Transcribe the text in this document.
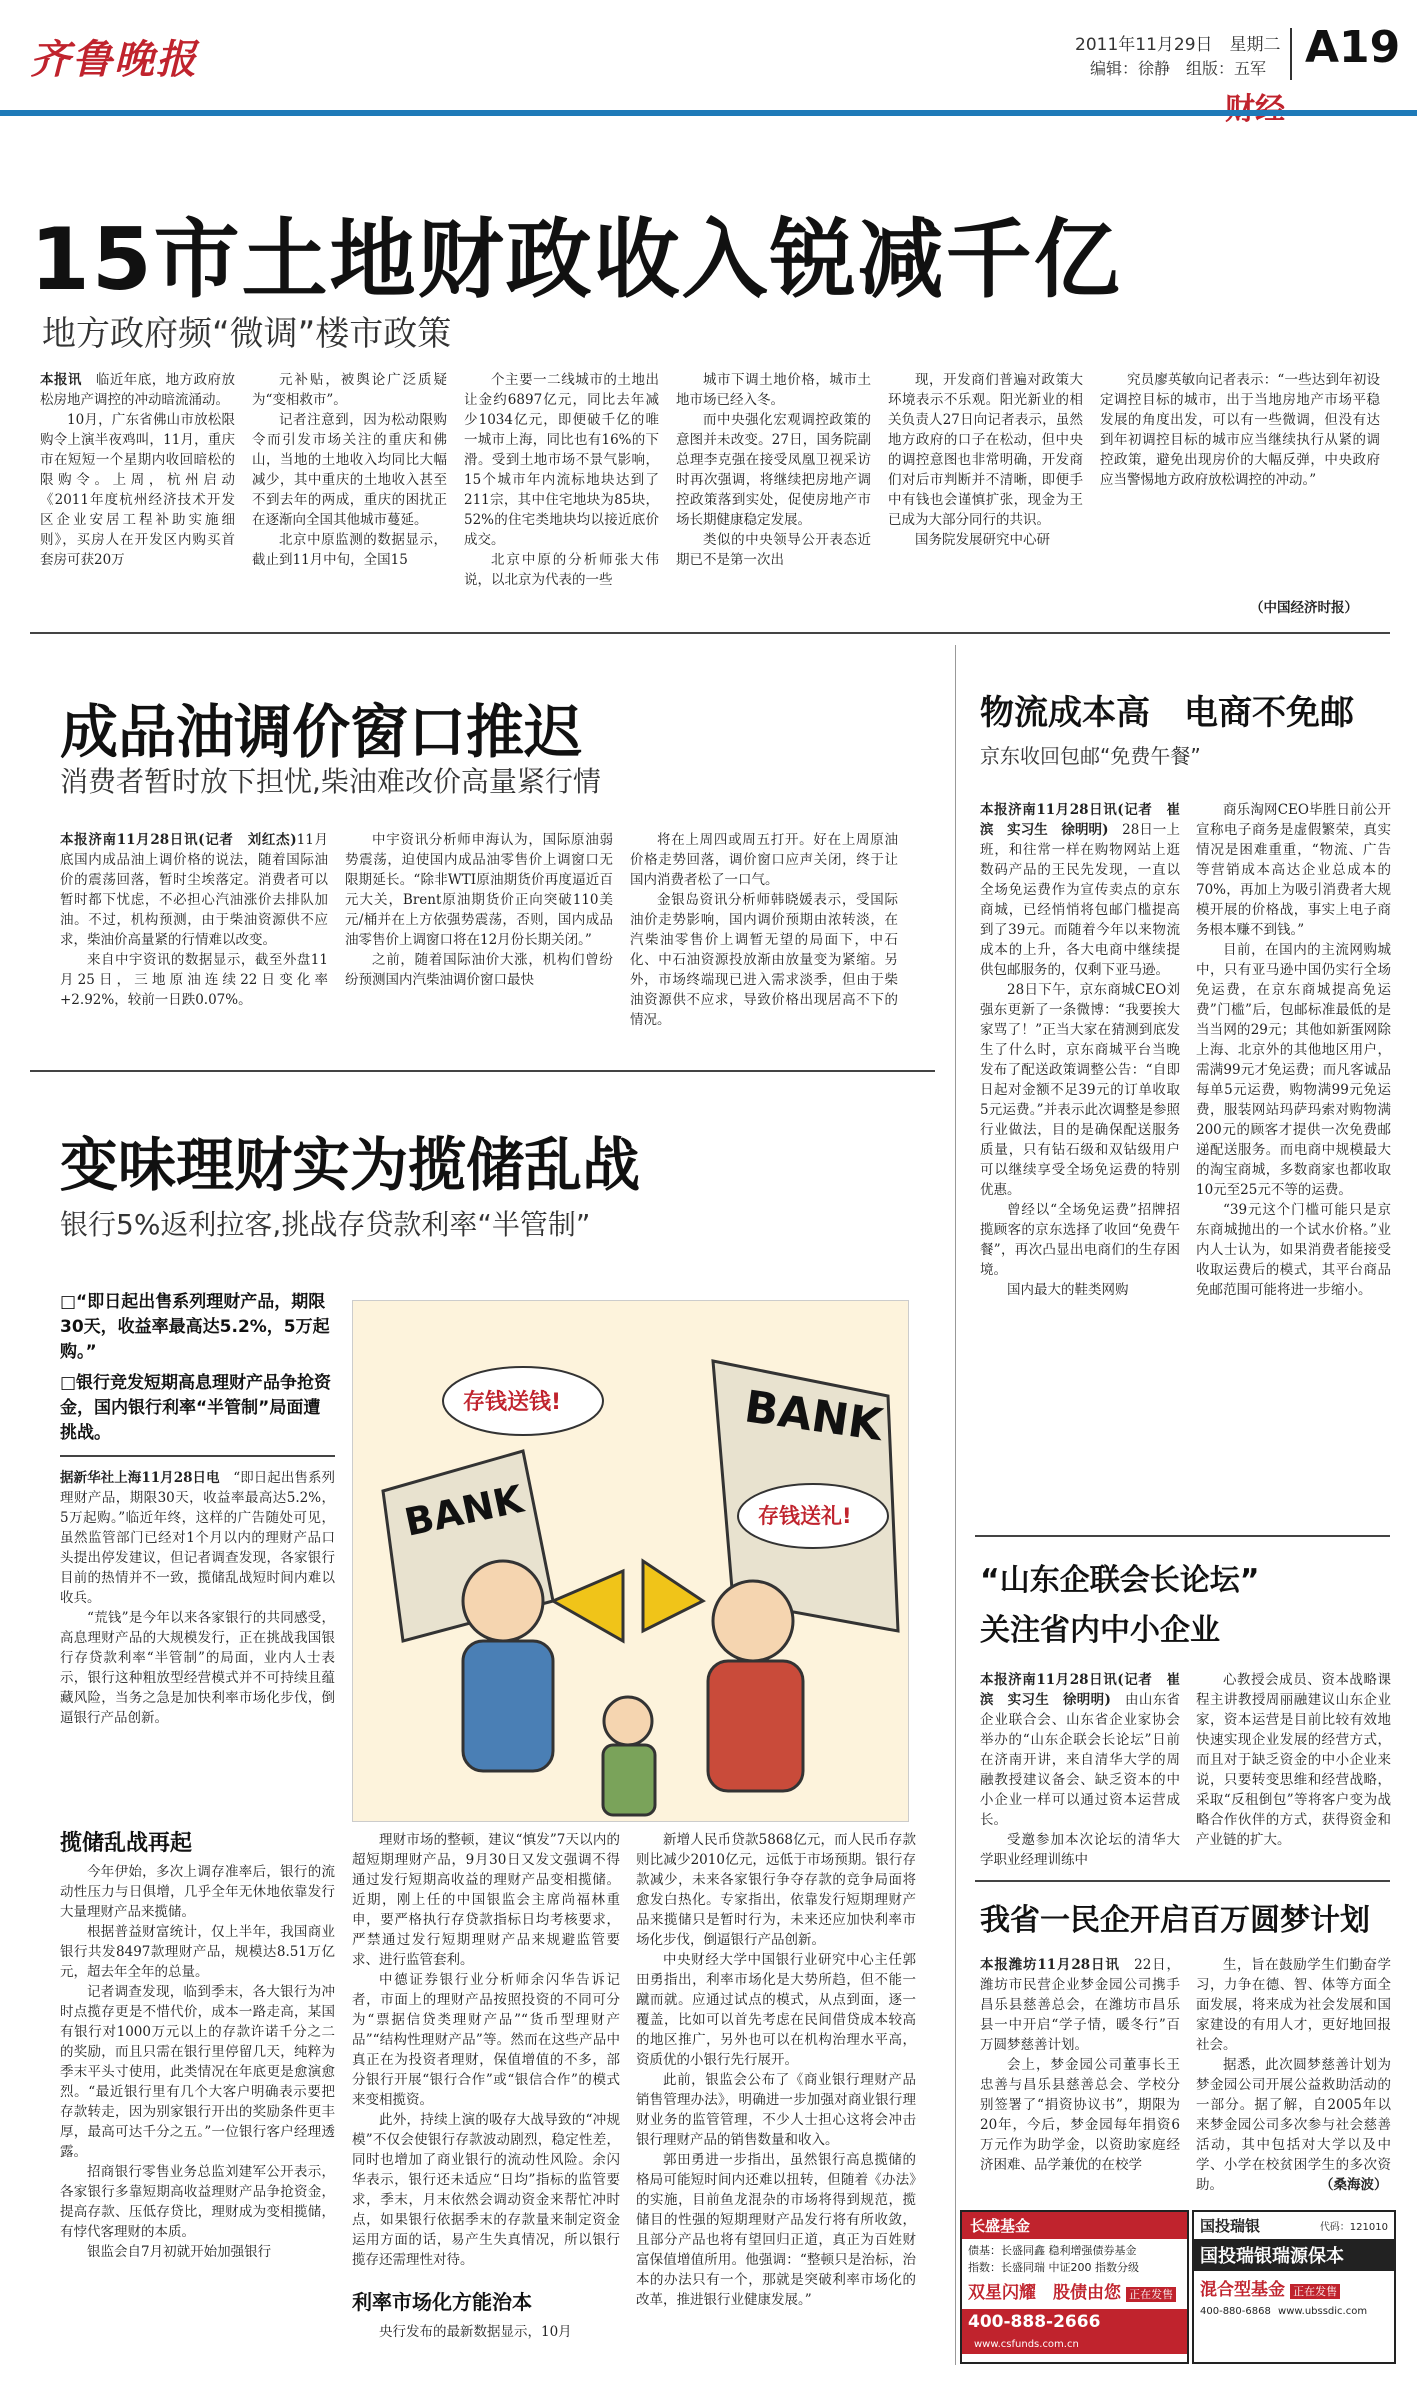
齐鲁晚报	2011年11月29日　星期二
编辑：徐静　组版：五军 A19
15市土地财政收入锐减千亿
地方政府频“微调”楼市政策

本报讯　 临近年底，地方政府放松房地产调控的冲动暗流涌动。

10月，广东省佛山市放松限购令上演半夜鸡叫，11月，重庆市在短短一个星期内收回暗松的限购令。上周，杭州启动《2011年度杭州经济技术开发区企业安居工程补助实施细则》，买房人在开发区内购买首套房可获20万

元补贴，被舆论广泛质疑为“变相救市”。

记者注意到，因为松动限购令而引发市场关注的重庆和佛山，当地的土地收入均同比大幅减少，其中重庆的土地收入甚至不到去年的两成，重庆的困扰正在逐渐向全国其他城市蔓延。

北京中原监测的数据显示，截止到11月中旬，全国15

个主要一二线城市的土地出让金约6897亿元，同比去年减少1034亿元，即便破千亿的唯一城市上海，同比也有16%的下滑。受到土地市场不景气影响，15个城市年内流标地块达到了211宗，其中住宅地块为85块，52%的住宅类地块均以接近底价成交。

北京中原的分析师张大伟说，以北京为代表的一些

城市下调土地价格，城市土地市场已经入冬。

而中央强化宏观调控政策的意图并未改变。27日，国务院副总理李克强在接受凤凰卫视采访时再次强调，将继续把房地产调控政策落到实处，促使房地产市场长期健康稳定发展。

类似的中央领导公开表态近期已不是第一次出

现，开发商们普遍对政策大环境表示不乐观。阳光新业的相关负责人27日向记者表示，虽然地方政府的口子在松动，但中央的调控意图也非常明确，开发商们对后市判断并不清晰，即便手中有钱也会谨慎扩张，现金为王已成为大部分同行的共识。

国务院发展研究中心研

究员廖英敏向记者表示：“一些达到年初设定调控目标的城市，出于当地房地产市场平稳发展的角度出发，可以有一些微调，但没有达到年初调控目标的城市应当继续执行从紧的调控政策，避免出现房价的大幅反弹，中央政府应当警惕地方政府放松调控的冲动。”

（中国经济时报）
成品油调价窗口推迟
消费者暂时放下担忧,柴油难改价高量紧行情

本报济南11月28日讯(记者　刘红杰)11月底国内成品油上调价格的说法，随着国际油价的震荡回落，暂时尘埃落定。消费者可以暂时都下忧虑，不必担心汽油涨价去排队加油。不过，机构预测，由于柴油资源供不应求，柴油价高量紧的行情难以改变。

来自中宇资讯的数据显示，截至外盘11月25日，三地原油连续22日变化率+2.92%，较前一日跌0.07%。

中宇资讯分析师申海认为，国际原油弱势震荡，迫使国内成品油零售价上调窗口无限期延长。“除非WTI原油期货价再度逼近百元大关，Brent原油期货价正向突破110美元/桶并在上方依强势震荡，否则，国内成品油零售价上调窗口将在12月份长期关闭。”

之前，随着国际油价大涨，机构们曾纷纷预测国内汽柴油调价窗口最快

将在上周四或周五打开。好在上周原油价格走势回落，调价窗口应声关闭，终于让国内消费者松了一口气。

金银岛资讯分析师韩晓媛表示，受国际油价走势影响，国内调价预期由浓转淡，在汽柴油零售价上调暂无望的局面下，中石化、中石油资源投放渐由放量变为紧缩。另外，市场终端现已进入需求淡季，但由于柴油资源供不应求，导致价格出现居高不下的情况。

变味理财实为揽储乱战
银行5%返利拉客,挑战存贷款利率“半管制”

□“即日起出售系列理财产品，期限30天，收益率最高达5.2%，5万起购。”

□银行竞发短期高息理财产品争抢资金，国内银行利率“半管制”局面遭挑战。

据新华社上海11月28日电　 “即日起出售系列理财产品，期限30天，收益率最高达5.2%，5万起购。”临近年终，这样的广告随处可见，虽然监管部门已经对1个月以内的理财产品口头提出停发建议，但记者调查发现，各家银行目前的热情并不一致，揽储乱战短时间内难以收兵。

“荒钱”是今年以来各家银行的共同感受，高息理财产品的大规模发行，正在挑战我国银行存贷款利率“半管制”的局面，业内人士表示，银行这种粗放型经营模式并不可持续且蕴藏风险，当务之急是加快利率市场化步伐，倒逼银行产品创新。

揽储乱战再起

今年伊始，多次上调存准率后，银行的流动性压力与日俱增，几乎全年无休地依靠发行大量理财产品来揽储。

根据普益财富统计，仅上半年，我国商业银行共发8497款理财产品，规模达8.51万亿元，超去年全年的总量。

记者调查发现，临到季末，各大银行为冲时点揽存更是不惜代价，成本一路走高，某国有银行对1000万元以上的存款许诺千分之二的奖励，而且只需在银行里停留几天，纯粹为季末平头寸使用，此类情况在年底更是愈演愈烈。“最近银行里有几个大客户明确表示要把存款转走，因为别家银行开出的奖励条件更丰厚，最高可达千分之五。”一位银行客户经理透露。

招商银行零售业务总监刘建军公开表示，各家银行多靠短期高收益理财产品争抢资金，提高存款、压低存贷比，理财成为变相揽储，有悖代客理财的本质。

银监会自7月初就开始加强银行

BANK
BANK
存钱送钱!
存钱送礼!

理财市场的整顿，建议“慎发”7天以内的超短期理财产品，9月30日又发文强调不得通过发行短期高收益的理财产品变相揽储。近期，刚上任的中国银监会主席尚福林重申，要严格执行存贷款指标日均考核要求，严禁通过发行短期理财产品来规避监管要求、进行监管套利。

中德证券银行业分析师余闪华告诉记者，市面上的理财产品按照投资的不同可分为“票据信贷类理财产品”“货币型理财产品”“结构性理财产品”等。然而在这些产品中真正在为投资者理财，保值增值的不多，部分银行开展“银行合作”或“银信合作”的模式来变相揽资。

此外，持续上演的吸存大战导致的“冲规模”不仅会使银行存款波动剧烈，稳定性差，同时也增加了商业银行的流动性风险。余闪华表示，银行还未适应“日均”指标的监管要求，季末，月末依然会调动资金来帮忙冲时点，如果银行依据季末的存款量来制定资金运用方面的话，易产生失真情况，所以银行揽存还需理性对待。

利率市场化方能治本

央行发布的最新数据显示，10月

新增人民币贷款5868亿元，而人民币存款则比减少2010亿元，远低于市场预期。银行存款减少，未来各家银行争夺存款的竞争局面将愈发白热化。专家指出，依靠发行短期理财产品来揽储只是暂时行为，未来还应加快利率市场化步伐，倒逼银行产品创新。

中央财经大学中国银行业研究中心主任郭田勇指出，利率市场化是大势所趋，但不能一蹴而就。应通过试点的模式，从点到面，逐一覆盖，比如可以首先考虑在民间借贷成本较高的地区推广，另外也可以在机构治理水平高，资质优的小银行先行展开。

此前，银监会公布了《商业银行理财产品销售管理办法》，明确进一步加强对商业银行理财业务的监管管理，不少人士担心这将会冲击银行理财产品的销售数量和收入。

郭田勇进一步指出，虽然银行高息揽储的格局可能短时间内还难以扭转，但随着《办法》的实施，目前鱼龙混杂的市场将得到规范，揽储目的性强的短期理财产品发行将有所收敛，且部分产品也将有望回归正道，真正为百姓财富保值增值所用。他强调：“整顿只是治标，治本的办法只有一个，那就是突破利率市场化的改革，推进银行业健康发展。”

物流成本高　电商不免邮
京东收回包邮“免费午餐”

本报济南11月28日讯(记者　崔滨　实习生　徐明明)　 28日一上班，和往常一样在购物网站上逛数码产品的王民先发现，一直以全场免运费作为宣传卖点的京东商城，已经悄悄将包邮门槛提高到了39元。而随着今年以来物流成本的上升，各大电商中继续提供包邮服务的，仅剩下亚马逊。

28日下午，京东商城CEO刘强东更新了一条微博：“我要挨大家骂了！”正当大家在猜测到底发生了什么时，京东商城平台当晚发布了配送政策调整公告：“自即日起对金额不足39元的订单收取5元运费。”并表示此次调整是参照行业做法，目的是确保配送服务质量，只有钻石级和双钻级用户可以继续享受全场免运费的特别优惠。

曾经以“全场免运费”招牌招揽顾客的京东选择了收回“免费午餐”，再次凸显出电商们的生存困境。

国内最大的鞋类网购

商乐淘网CEO毕胜日前公开宣称电子商务是虚假繁荣，真实情况是困难重重，“物流、广告等营销成本高达企业总成本的70%，再加上为吸引消费者大规模开展的价格战，事实上电子商务根本赚不到钱。”

目前，在国内的主流网购城中，只有亚马逊中国仍实行全场免运费，在京东商城提高免运费”门槛”后，包邮标准最低的是当当网的29元；其他如新蛋网除上海、北京外的其他地区用户，需满99元才免运费；而凡客诚品每单5元运费，购物满99元免运费，服装网站玛萨玛索对购物满200元的顾客才提供一次免费邮递配送服务。而电商中规模最大的淘宝商城，多数商家也都收取10元至25元不等的运费。

“39元这个门槛可能只是京东商城抛出的一个试水价格。”业内人士认为，如果消费者能接受收取运费后的模式，其平台商品免邮范围可能将进一步缩小。

“山东企联会长论坛”
关注省内中小企业

本报济南11月28日讯(记者　崔滨　实习生　徐明明)　 由山东省企业联合会、山东省企业家协会举办的“山东企联会长论坛”日前在济南开讲，来自清华大学的周融教授建议备会、缺乏资本的中小企业一样可以通过资本运营成长。

受邀参加本次论坛的清华大学职业经理训练中

心教授会成员、资本战略课程主讲教授周丽融建议山东企业家，资本运营是目前比较有效地快速实现企业发展的经营方式，而且对于缺乏资金的中小企业来说，只要转变思维和经营战略，采取“反租倒包”等将客户变为战略合作伙伴的方式，获得资金和产业链的扩大。

我省一民企开启百万圆梦计划

本报潍坊11月28日讯　 22日，潍坊市民营企业梦金园公司携手昌乐县慈善总会，在潍坊市昌乐县一中开启“学子情，暖冬行”百万圆梦慈善计划。

会上，梦金园公司董事长王忠善与昌乐县慈善总会、学校分别签署了“捐资协议书”，期限为20年，今后，梦金园每年捐资6万元作为助学金，以资助家庭经济困难、品学兼优的在校学

生，旨在鼓励学生们勤奋学习，力争在德、智、体等方面全面发展，将来成为社会发展和国家建设的有用人才，更好地回报社会。

据悉，此次圆梦慈善计划为梦金园公司开展公益救助活动的一部分。据了解，自2005年以来梦金园公司多次参与社会慈善活动，其中包括对大学以及中学、小学在校贫困学生的多次资助。	（桑海波）
长盛基金
债基：长盛同鑫 稳利增强债券基金
指数：长盛同瑞 中证200 指数分级
双星闪耀　股债由您 正在发售
400-888-2666 www.csfunds.com.cn
国投瑞银	代码：121010
国投瑞银瑞源保本
混合型基金 正在发售
400-880-6868 www.ubssdic.com
